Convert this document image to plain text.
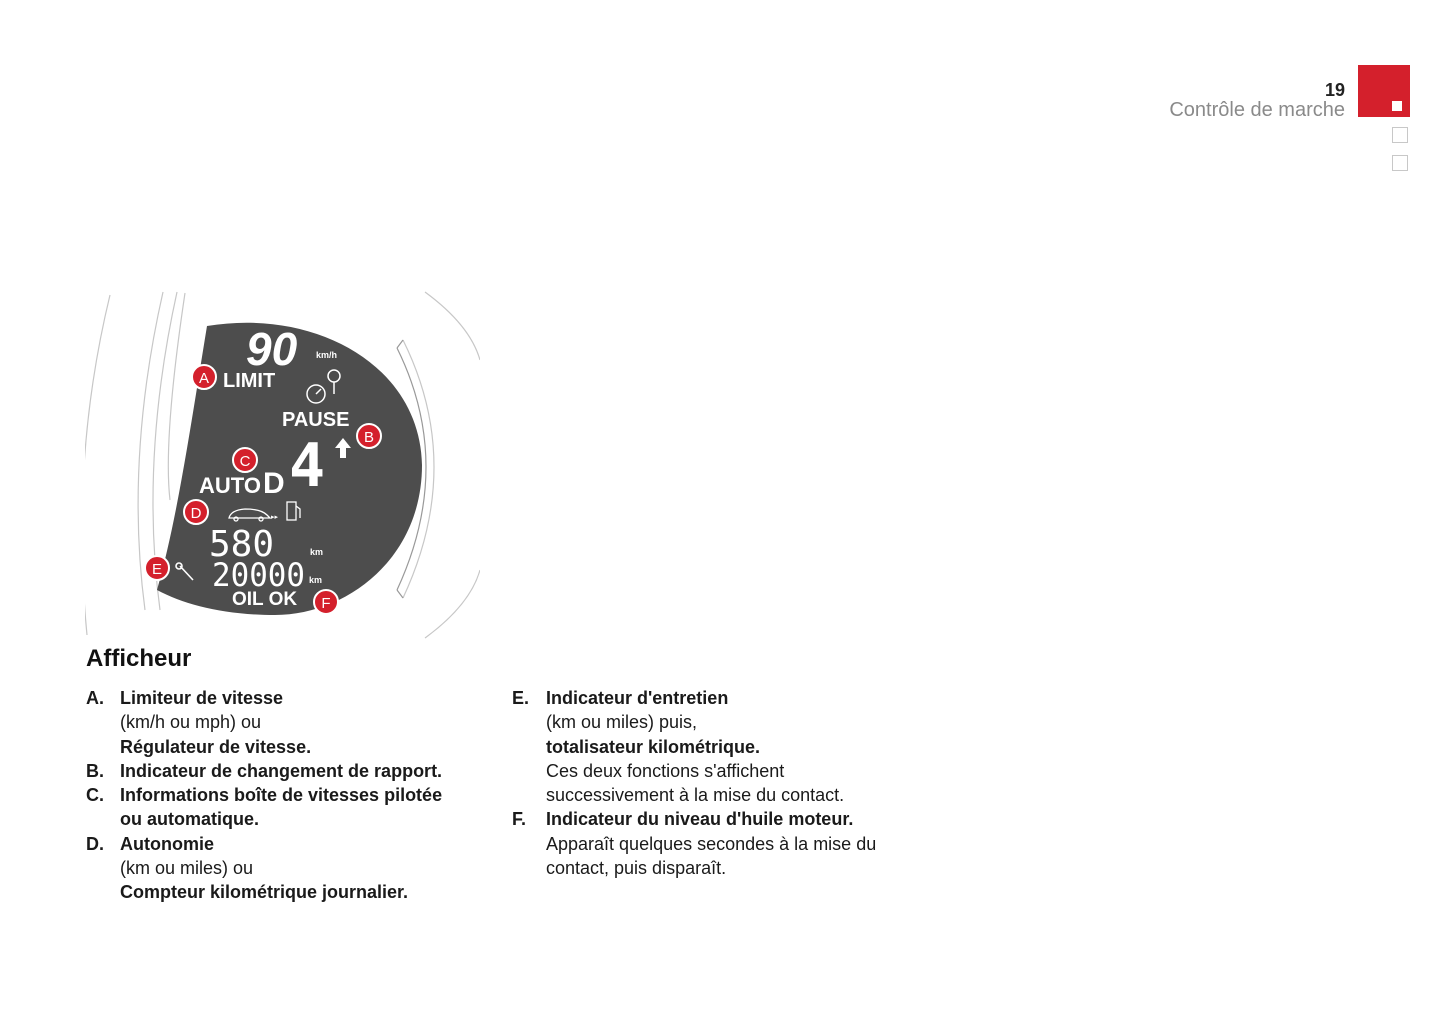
19
Contrôle de marche
90 km/h
LIMIT
PAUSE
4
AUTO D
▸▸
580	km
20000 km
OIL OK
A
B
C
D
E
F
Afficheur
A. Limiteur de vitesse
(km/h ou mph) ou
Régulateur de vitesse.
B. Indicateur de changement de rapport.
C. Informations boîte de vitesses pilotée
ou automatique.
D. Autonomie
(km ou miles) ou
Compteur kilométrique journalier.
E. Indicateur d'entretien
(km ou miles) puis,
totalisateur kilométrique.
Ces deux fonctions s'affichent
successivement à la mise du contact.
F. Indicateur du niveau d'huile moteur.
Apparaît quelques secondes à la mise du
contact, puis disparaît.
